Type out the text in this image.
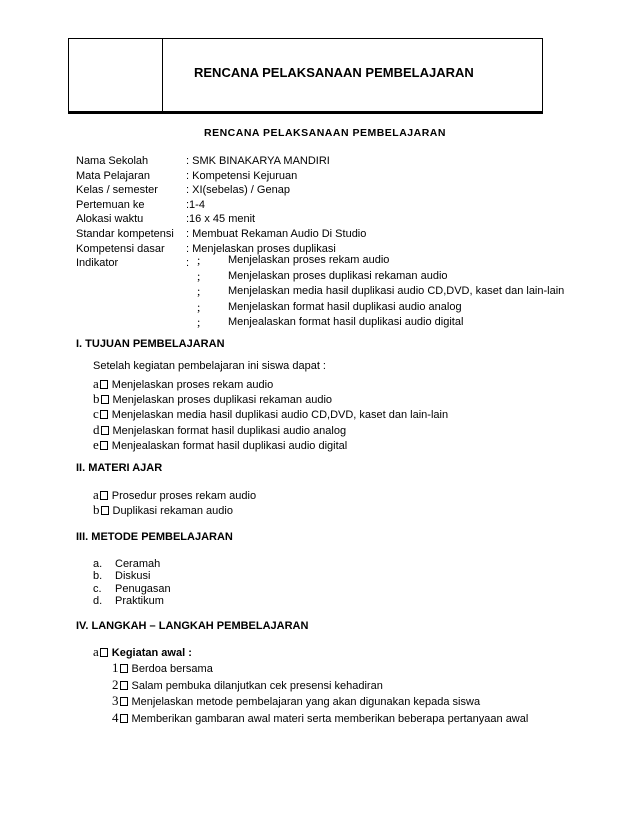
RENCANA PELAKSANAAN PEMBELAJARAN
RENCANA PELAKSANAAN PEMBELAJARAN
Nama Sekolah	: SMK BINAKARYA MANDIRI
Mata Pelajaran	: Kompetensi Kejuruan
Kelas / semester	: XI(sebelas) / Genap
Pertemuan ke	:1-4
Alokasi waktu	:16 x 45 menit
Standar kompetensi : Membuat Rekaman Audio Di Studio
Kompetensi dasar : Menjelaskan proses duplikasi
Indikator	: ;	Menjelaskan proses rekam audio
;	Menjelaskan proses duplikasi rekaman audio
;	Menjelaskan media hasil duplikasi audio CD,DVD, kaset dan lain-lain
;	Menjelaskan format hasil duplikasi audio analog
;	Menjealaskan format hasil duplikasi audio digital
I. TUJUAN PEMBELAJARAN
Setelah kegiatan pembelajaran ini siswa dapat :
a Menjelaskan proses rekam audio
b Menjelaskan proses duplikasi rekaman audio
c Menjelaskan media hasil duplikasi audio CD,DVD, kaset dan lain-lain
d Menjelaskan format hasil duplikasi audio analog
e Menjealaskan format hasil duplikasi audio digital
II. MATERI AJAR
a Prosedur proses rekam audio
b Duplikasi rekaman audio
III. METODE PEMBELAJARAN
a. Ceramah
b. Diskusi
c. Penugasan
d. Praktikum
IV. LANGKAH – LANGKAH PEMBELAJARAN
a Kegiatan awal :
1 Berdoa bersama
2 Salam pembuka dilanjutkan cek presensi kehadiran
3 Menjelaskan metode pembelajaran yang akan digunakan kepada siswa
4 Memberikan gambaran awal materi serta memberikan beberapa pertanyaan awal
